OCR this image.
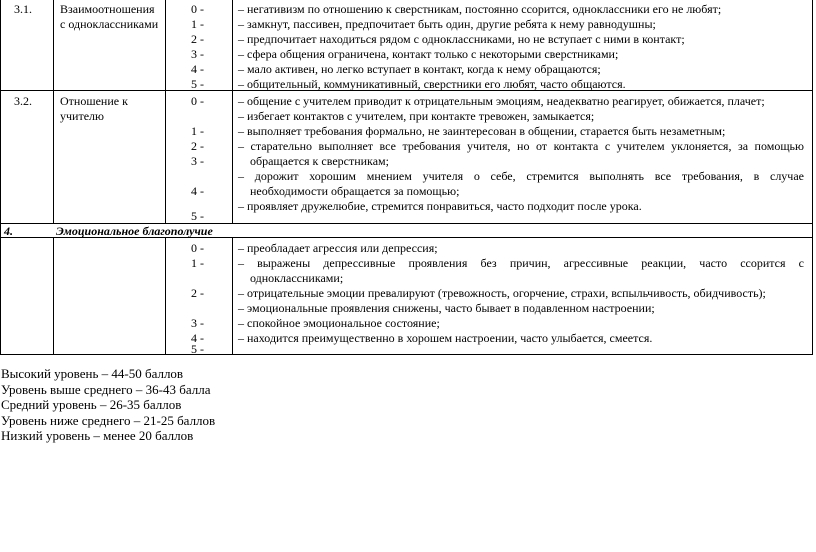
3.1. Взаимоотношения
с одноклассниками
0 -
1 -
2 -
3 -
4 -
5 -
– негативизм по отношению к сверстникам, постоянно ссорится, одноклассники его не любят;
– замкнут, пассивен, предпочитает быть один, другие ребята к нему равнодушны;
– предпочитает находиться рядом с одноклассниками, но не вступает с ними в контакт;
– сфера общения ограничена, контакт только с некоторыми сверстниками;
– мало активен, но легко вступает в контакт, когда к нему обращаются;
– общительный, коммуникативный, сверстники его любят, часто общаются.
3.2. Отношение к
учителю
0 -
1 -
2 -
3 -
4 -
5 -
– общение с учителем приводит к отрицательным эмоциям, неадекватно реагирует, обижается, плачет;
– избегает контактов с учителем, при контакте тревожен, замыкается;
– выполняет требования формально, не заинтересован в общении, старается быть незаметным;
– старательно выполняет все требования учителя, но от контакта с учителем уклоняется, за помощью
обращается к сверстникам;
– дорожит хорошим мнением учителя о себе, стремится выполнять все требования, в случае
необходимости обращается за помощью;
– проявляет дружелюбие, стремится понравиться, часто подходит после урока.
4.	Эмоциональное благополучие
0 -
1 -
2 -
3 -
4 -
5 -
– преобладает агрессия или депрессия;
– выражены депрессивные проявления без причин, агрессивные реакции, часто ссорится с
одноклассниками;
– отрицательные эмоции превалируют (тревожность, огорчение, страхи, вспыльчивость, обидчивость);
– эмоциональные проявления снижены, часто бывает в подавленном настроении;
– спокойное эмоциональное состояние;
– находится преимущественно в хорошем настроении, часто улыбается, смеется.
Высокий уровень – 44-50 баллов
Уровень выше среднего – 36-43 балла
Средний уровень – 26-35 баллов
Уровень ниже среднего – 21-25 баллов
Низкий уровень – менее 20 баллов
